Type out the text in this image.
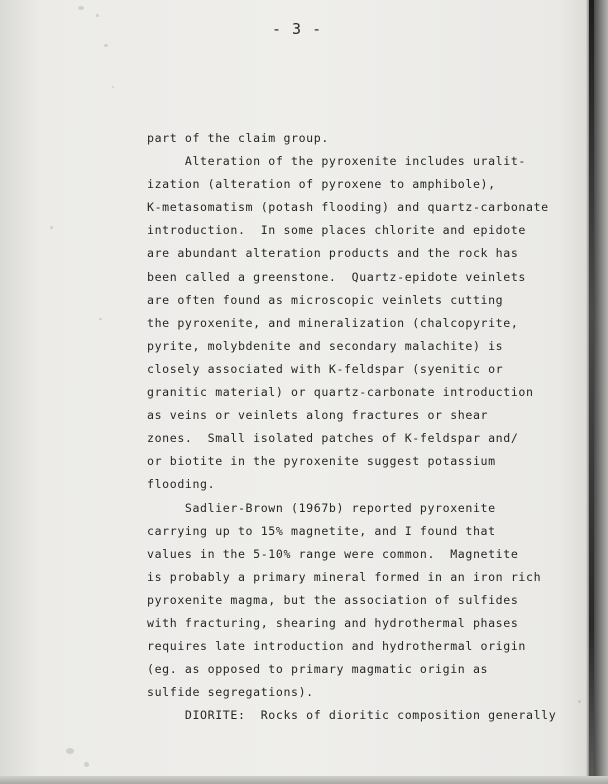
- 3 -
part of the claim group.
Alteration of the pyroxenite includes uralit-
ization (alteration of pyroxene to amphibole),
K-metasomatism (potash flooding) and quartz-carbonate
introduction.  In some places chlorite and epidote
are abundant alteration products and the rock has
been called a greenstone.  Quartz-epidote veinlets
are often found as microscopic veinlets cutting
the pyroxenite, and mineralization (chalcopyrite,
pyrite, molybdenite and secondary malachite) is
closely associated with K-feldspar (syenitic or
granitic material) or quartz-carbonate introduction
as veins or veinlets along fractures or shear
zones.  Small isolated patches of K-feldspar and/
or biotite in the pyroxenite suggest potassium
flooding.
Sadlier-Brown (1967b) reported pyroxenite
carrying up to 15% magnetite, and I found that
values in the 5-10% range were common.  Magnetite
is probably a primary mineral formed in an iron rich
pyroxenite magma, but the association of sulfides
with fracturing, shearing and hydrothermal phases
requires late introduction and hydrothermal origin
(eg. as opposed to primary magmatic origin as
sulfide segregations).
DIORITE:  Rocks of dioritic composition generally
